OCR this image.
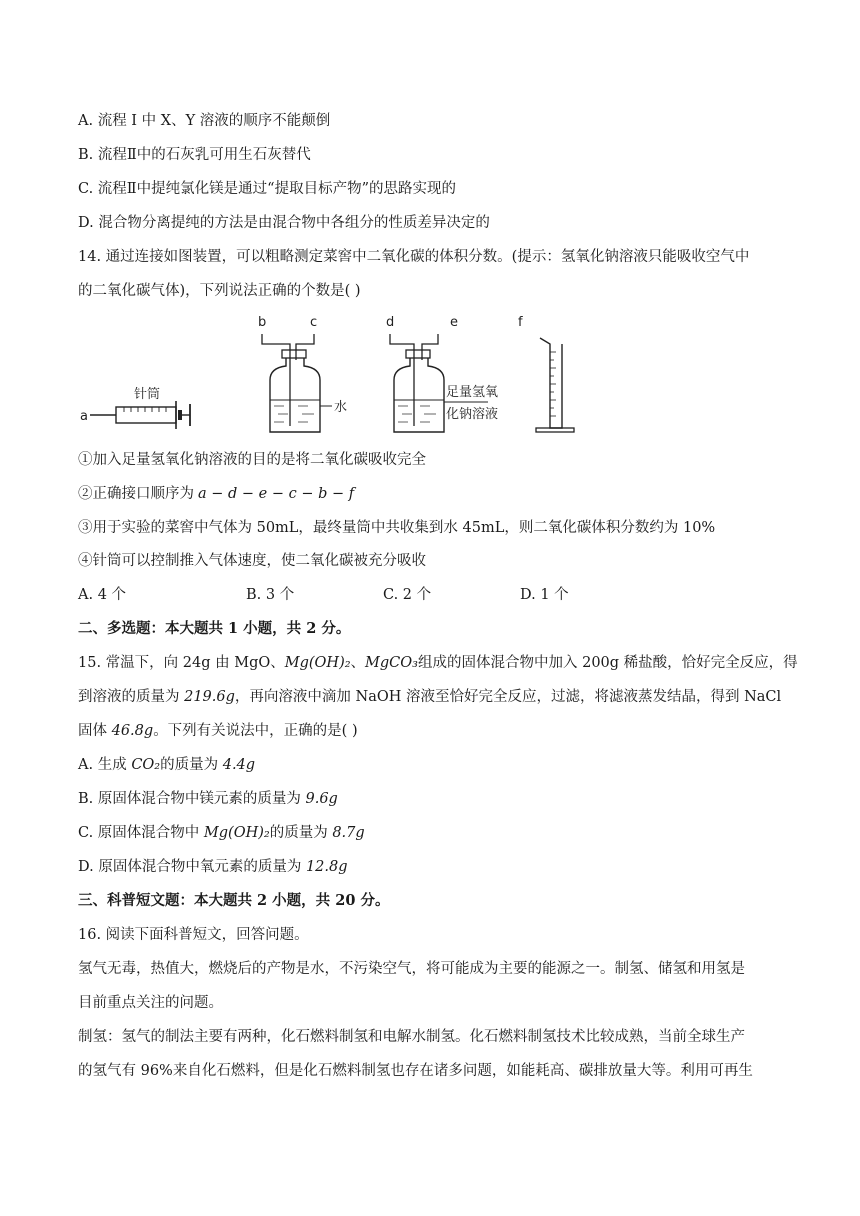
A. 流程 I 中 X、Y 溶液的顺序不能颠倒
B. 流程Ⅱ中的石灰乳可用生石灰替代
C. 流程Ⅱ中提纯氯化镁是通过“提取目标产物”的思路实现的
D. 混合物分离提纯的方法是由混合物中各组分的性质差异决定的
14. 通过连接如图装置，可以粗略测定菜窖中二氧化碳的体积分数。(提示：氢氧化钠溶液只能吸收空气中
的二氧化碳气体)，下列说法正确的个数是( )
a
针筒
b	c
水
d	e
足量氢氧
化钠溶液
f
①加入足量氢氧化钠溶液的目的是将二氧化碳吸收完全
②正确接口顺序为 a − d − e − c − b − f
③用于实验的菜窖中气体为 50mL，最终量筒中共收集到水 45mL，则二氧化碳体积分数约为 10%
④针筒可以控制推入气体速度，使二氧化碳被充分吸收
A. 4 个	B. 3 个	C. 2 个	D. 1 个
二、多选题：本大题共 1 小题，共 2 分。
15. 常温下，向 24g 由 MgO、Mg(OH)₂、MgCO₃组成的固体混合物中加入 200g 稀盐酸，恰好完全反应，得
到溶液的质量为 219.6g，再向溶液中滴加 NaOH 溶液至恰好完全反应，过滤，将滤液蒸发结晶，得到 NaCl
固体 46.8g。下列有关说法中，正确的是( )
A. 生成 CO₂的质量为 4.4g
B. 原固体混合物中镁元素的质量为 9.6g
C. 原固体混合物中 Mg(OH)₂的质量为 8.7g
D. 原固体混合物中氧元素的质量为 12.8g
三、科普短文题：本大题共 2 小题，共 20 分。
16. 阅读下面科普短文，回答问题。
氢气无毒，热值大，燃烧后的产物是水，不污染空气，将可能成为主要的能源之一。制氢、储氢和用氢是
目前重点关注的问题。
制氢：氢气的制法主要有两种，化石燃料制氢和电解水制氢。化石燃料制氢技术比较成熟，当前全球生产
的氢气有 96%来自化石燃料，但是化石燃料制氢也存在诸多问题，如能耗高、碳排放量大等。利用可再生
